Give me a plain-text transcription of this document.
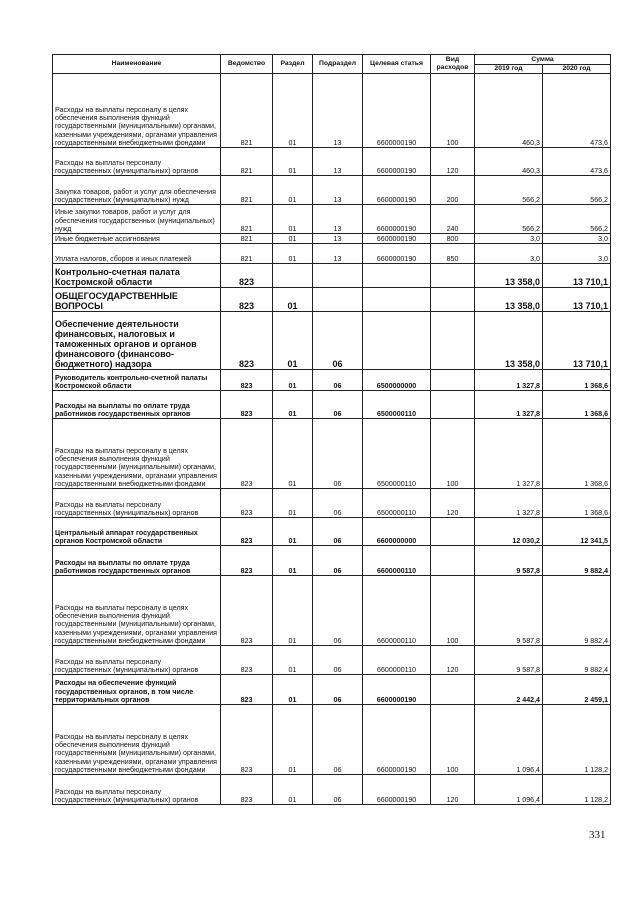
Наименование	Ведомство	Раздел	Подраздел	Целевая статья	Вид расходов	Сумма	
						2019 год	2020 год
Расходы на выплаты персоналу в целях обеспечения выполнения функций государственными (муниципальными) органами, казенными учреждениями, органами управления государственными внебюджетными фондами	821	01	13	6600000190	100	460,3	473,6
Расходы на выплаты персоналу государственных (муниципальных) органов	821	01	13	6600000190	120	460,3	473,6
Закупка товаров, работ и услуг для обеспечения государственных (муниципальных) нужд	821	01	13	6600000190	200	566,2	566,2
Иные закупки товаров, работ и услуг для обеспечения государственных (муниципальных) нужд	821	01	13	6600000190	240	566,2	566,2
Иные бюджетные ассигнования	821	01	13	6600000190	800	3,0	3,0
Уплата налогов, сборов и иных платежей	821	01	13	6600000190	850	3,0	3,0
Контрольно-счетная палата Костромской области	823					13 358,0	13 710,1
ОБЩЕГОСУДАРСТВЕННЫЕ ВОПРОСЫ	823	01				13 358,0	13 710,1
Обеспечение деятельности финансовых, налоговых и таможенных органов и органов финансового (финансово-бюджетного) надзора	823	01	06			13 358,0	13 710,1
Руководитель контрольно-счетной палаты Костромской области	823	01	06	6500000000		1 327,8	1 368,6
Расходы на выплаты по оплате труда работников государственных органов	823	01	06	6500000110		1 327,8	1 368,6
Расходы на выплаты персоналу в целях обеспечения выполнения функций государственными (муниципальными) органами, казенными учреждениями, органами управления государственными внебюджетными фондами	823	01	06	6500000110	100	1 327,8	1 368,6
Расходы на выплаты персоналу государственных (муниципальных) органов	823	01	06	6500000110	120	1 327,8	1 368,6
Центральный аппарат государственных органов Костромской области	823	01	06	6600000000		12 030,2	12 341,5
Расходы на выплаты по оплате труда работников государственных органов	823	01	06	6600000110		9 587,8	9 882,4
Расходы на выплаты персоналу в целях обеспечения выполнения функций государственными (муниципальными) органами, казенными учреждениями, органами управления государственными внебюджетными фондами	823	01	06	6600000110	100	9 587,8	9 882,4
Расходы на выплаты персоналу государственных (муниципальных) органов	823	01	06	6600000110	120	9 587,8	9 882,4
Расходы на обеспечение функций государственных органов, в том числе территориальных органов	823	01	06	6600000190		2 442,4	2 459,1
Расходы на выплаты персоналу в целях обеспечения выполнения функций государственными (муниципальными) органами, казенными учреждениями, органами управления государственными внебюджетными фондами	823	01	06	6600000190	100	1 096,4	1 128,2
Расходы на выплаты персоналу государственных (муниципальных) органов	823	01	06	6600000190	120	1 096,4	1 128,2
331
